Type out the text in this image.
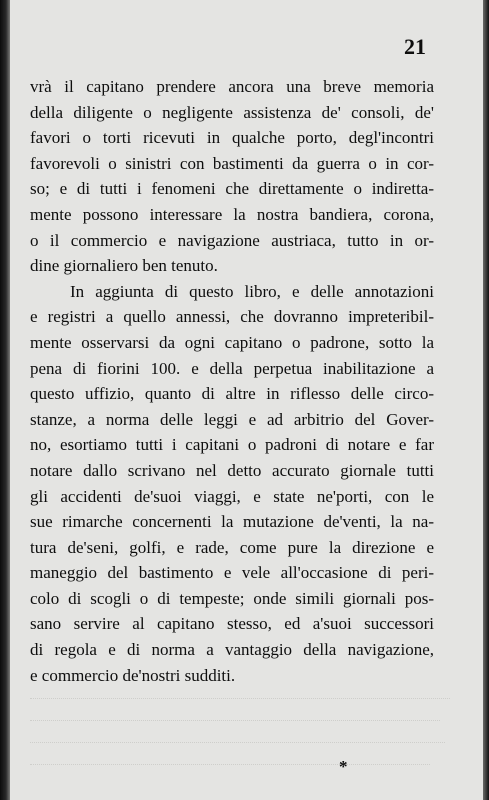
21
vrà il capitano prendere ancora una breve memoria
della diligente o negligente assistenza de' consoli, de'
favori o torti ricevuti in qualche porto, degl'incontri
favorevoli o sinistri con bastimenti da guerra o in cor-
so; e di tutti i fenomeni che direttamente o indiretta-
mente possono interessare la nostra bandiera, corona,
o il commercio e navigazione austriaca, tutto in or-
dine giornaliero ben tenuto.
In aggiunta di questo libro, e delle annotazioni
e registri a quello annessi, che dovranno impreteribil-
mente osservarsi da ogni capitano o padrone, sotto la
pena di fiorini 100. e della perpetua inabilitazione a
questo uffizio, quanto di altre in riflesso delle circo-
stanze, a norma delle leggi e ad arbitrio del Gover-
no, esortiamo tutti i capitani o padroni di notare e far
notare dallo scrivano nel detto accurato giornale tutti
gli accidenti de'suoi viaggi, e state ne'porti, con le
sue rimarche concernenti la mutazione de'venti, la na-
tura de'seni, golfi, e rade, come pure la direzione e
maneggio del bastimento e vele all'occasione di peri-
colo di scogli o di tempeste; onde simili giornali pos-
sano servire al capitano stesso, ed a'suoi successori
di regola e di norma a vantaggio della navigazione,
e commercio de'nostri sudditi.
*
